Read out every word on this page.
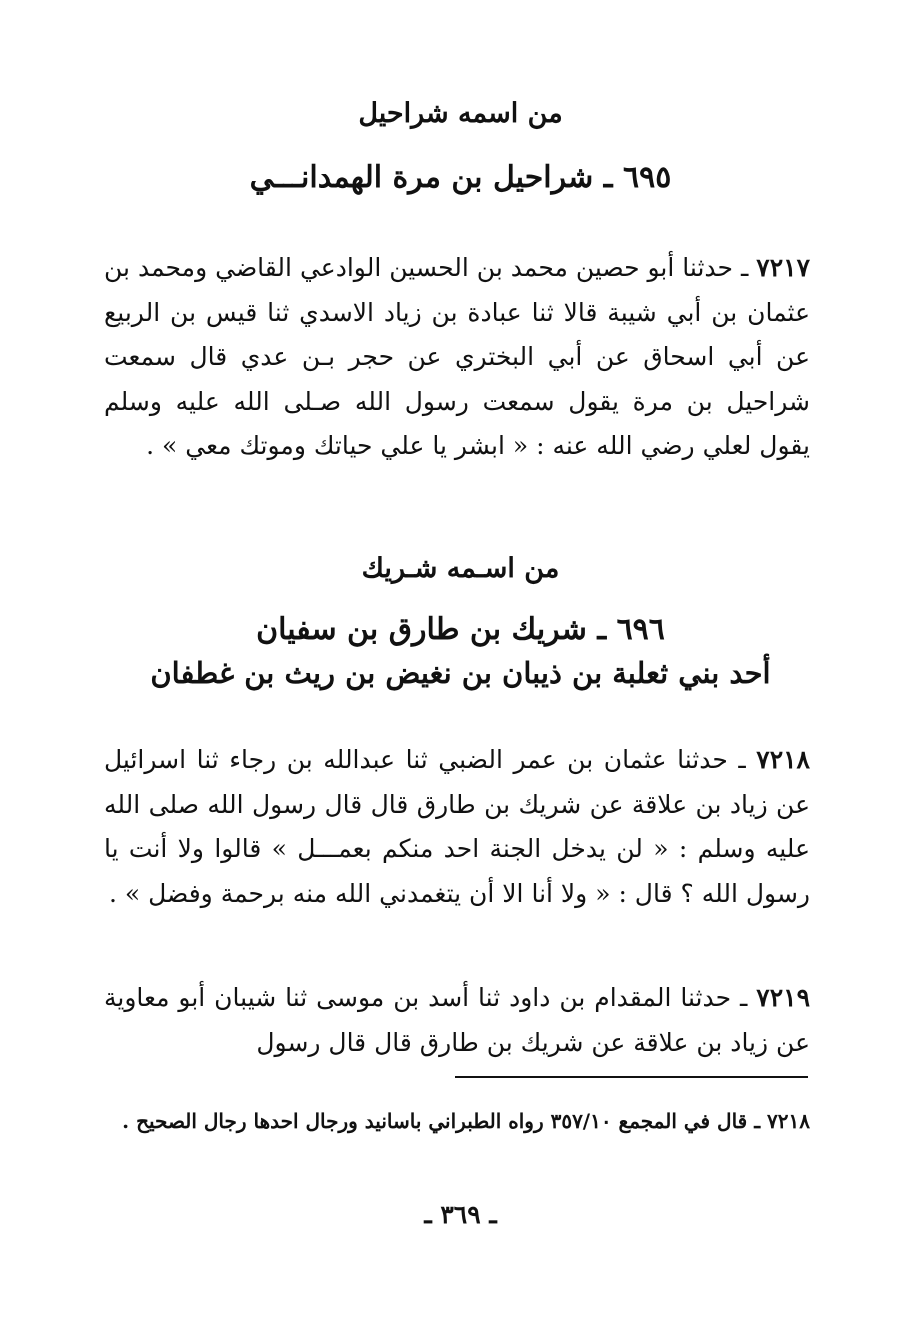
من اسمه شراحيل
٦٩٥ ـ شراحيل بن مرة الهمدانـــي
٧٢١٧ ـ حدثنا أبو حصين محمد بن الحسين الوادعي القاضي ومحمد بن عثمان بن أبي شيبة قالا ثنا عبادة بن زياد الاسدي ثنا قيس بن الربيع عن أبي اسحاق عن أبي البختري عن حجر بـن عدي قال سمعت شراحيل بن مرة يقول سمعت رسول الله صـلى الله عليه وسلم يقول لعلي رضي الله عنه : « ابشر يا علي حياتك وموتك معي » .
من اسـمه شـريك
٦٩٦ ـ شريك بن طارق بن سفيان
أحد بني ثعلبة بن ذيبان بن نغيض بن ريث بن غطفان
٧٢١٨ ـ حدثنا عثمان بن عمر الضبي ثنا عبدالله بن رجاء ثنا اسرائيل عن زياد بن علاقة عن شريك بن طارق قال قال رسول الله صلى الله عليه وسلم : « لن يدخل الجنة احد منكم بعمـــل » قالوا ولا أنت يا رسول الله ؟ قال : « ولا أنا الا أن يتغمدني الله منه برحمة وفضل » .
٧٢١٩ ـ حدثنا المقدام بن داود ثنا أسد بن موسى ثنا شيبان أبو معاوية عن زياد بن علاقة عن شريك بن طارق قال قال رسول
٧٢١٨ ـ قال في المجمع ٣٥٧/١٠ رواه الطبراني باسانيد ورجال احدها رجال الصحيح .
ـ ٣٦٩ ـ
